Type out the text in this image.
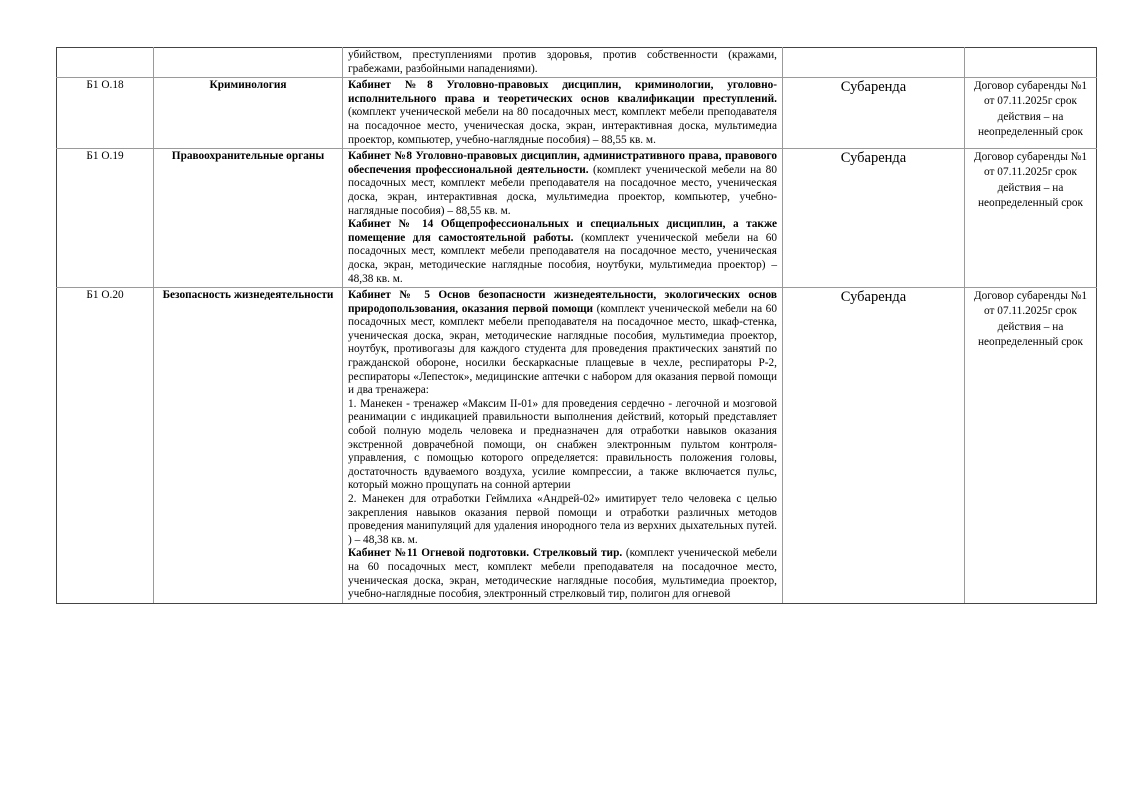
		убийством, преступлениями против здоровья, против собственности (кражами, грабежами, разбойными нападениями).		
Б1 О.18	Криминология	Кабинет №8 Уголовно-правовых дисциплин, криминологии, уголовно-исполнительного права и теоретических основ квалификации преступлений. (комплект ученической мебели на 80 посадочных мест, комплект мебели преподавателя на посадочное место, ученическая доска, экран, интерактивная доска, мультимедиа проектор, компьютер, учебно-наглядные пособия) – 88,55 кв. м.	Субаренда	Договор субаренды №1 от 07.11.2025г срок действия – на неопределенный срок
Б1 О.19	Правоохранительные органы	Кабинет №8 Уголовно-правовых дисциплин, административного права, правового обеспечения профессиональной деятельности. (комплект ученической мебели на 80 посадочных мест, комплект мебели преподавателя на посадочное место, ученическая доска, экран, интерактивная доска, мультимедиа проектор, компьютер, учебно-наглядные пособия) – 88,55 кв. м.
Кабинет № 14 Общепрофессиональных и специальных дисциплин, а также помещение для самостоятельной работы. (комплект ученической мебели на 60 посадочных мест, комплект мебели преподавателя на посадочное место, ученическая доска, экран, методические наглядные пособия, ноутбуки, мультимедиа проектор) – 48,38 кв. м.	Субаренда	Договор субаренды №1 от 07.11.2025г срок действия – на неопределенный срок
Б1 О.20	Безопасность жизнедеятельности	Кабинет № 5 Основ безопасности жизнедеятельности, экологических основ природопользования, оказания первой помощи (комплект ученической мебели на 60 посадочных мест, комплект мебели преподавателя на посадочное место, шкаф-стенка, ученическая доска, экран, методические наглядные пособия, мультимедиа проектор, ноутбук, противогазы для каждого студента для проведения практических занятий по гражданской обороне, носилки бескаркасные плащевые в чехле, респираторы Р-2, респираторы «Лепесток», медицинские аптечки с набором для оказания первой помощи и два тренажера:
1. Манекен - тренажер «Максим II-01» для проведения сердечно - легочной и мозговой реанимации с индикацией правильности выполнения действий, который представляет собой полную модель человека и предназначен для отработки навыков оказания экстренной доврачебной помощи, он снабжен электронным пультом контроля-управления, с помощью которого определяется: правильность положения головы, достаточность вдуваемого воздуха, усилие компрессии, а также включается пульс, который можно прощупать на сонной артерии
2. Манекен для отработки Геймлиха «Андрей-02» имитирует тело человека с целью закрепления навыков оказания первой помощи и отработки различных методов проведения манипуляций для удаления инородного тела из верхних дыхательных путей. ) – 48,38 кв. м.
Кабинет №11 Огневой подготовки. Стрелковый тир. (комплект ученической мебели на 60 посадочных мест, комплект мебели преподавателя на посадочное место, ученическая доска, экран, методические наглядные пособия, мультимедиа проектор, учебно-наглядные пособия, электронный стрелковый тир, полигон для огневой	Субаренда	Договор субаренды №1 от 07.11.2025г срок действия – на неопределенный срок
